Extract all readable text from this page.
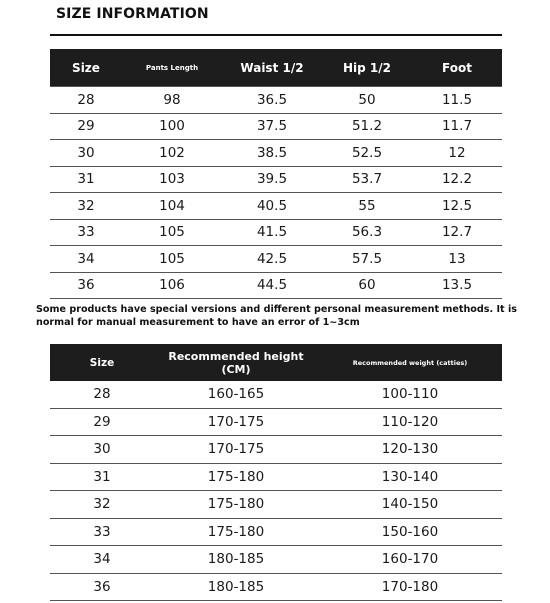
SIZE INFORMATION
Size	Pants Length	Waist 1/2	Hip 1/2	Foot
28	98	36.5	50	11.5
29	100	37.5	51.2	11.7
30	102	38.5	52.5	12
31	103	39.5	53.7	12.2
32	104	40.5	55	12.5
33	105	41.5	56.3	12.7
34	105	42.5	57.5	13
36	106	44.5	60	13.5
Some products have special versions and different personal measurement methods. It is normal for manual measurement to have an error of 1~3cm
Size	Recommended height (CM)	Recommended weight (catties)
28	160-165	100-110
29	170-175	110-120
30	170-175	120-130
31	175-180	130-140
32	175-180	140-150
33	175-180	150-160
34	180-185	160-170
36	180-185	170-180
